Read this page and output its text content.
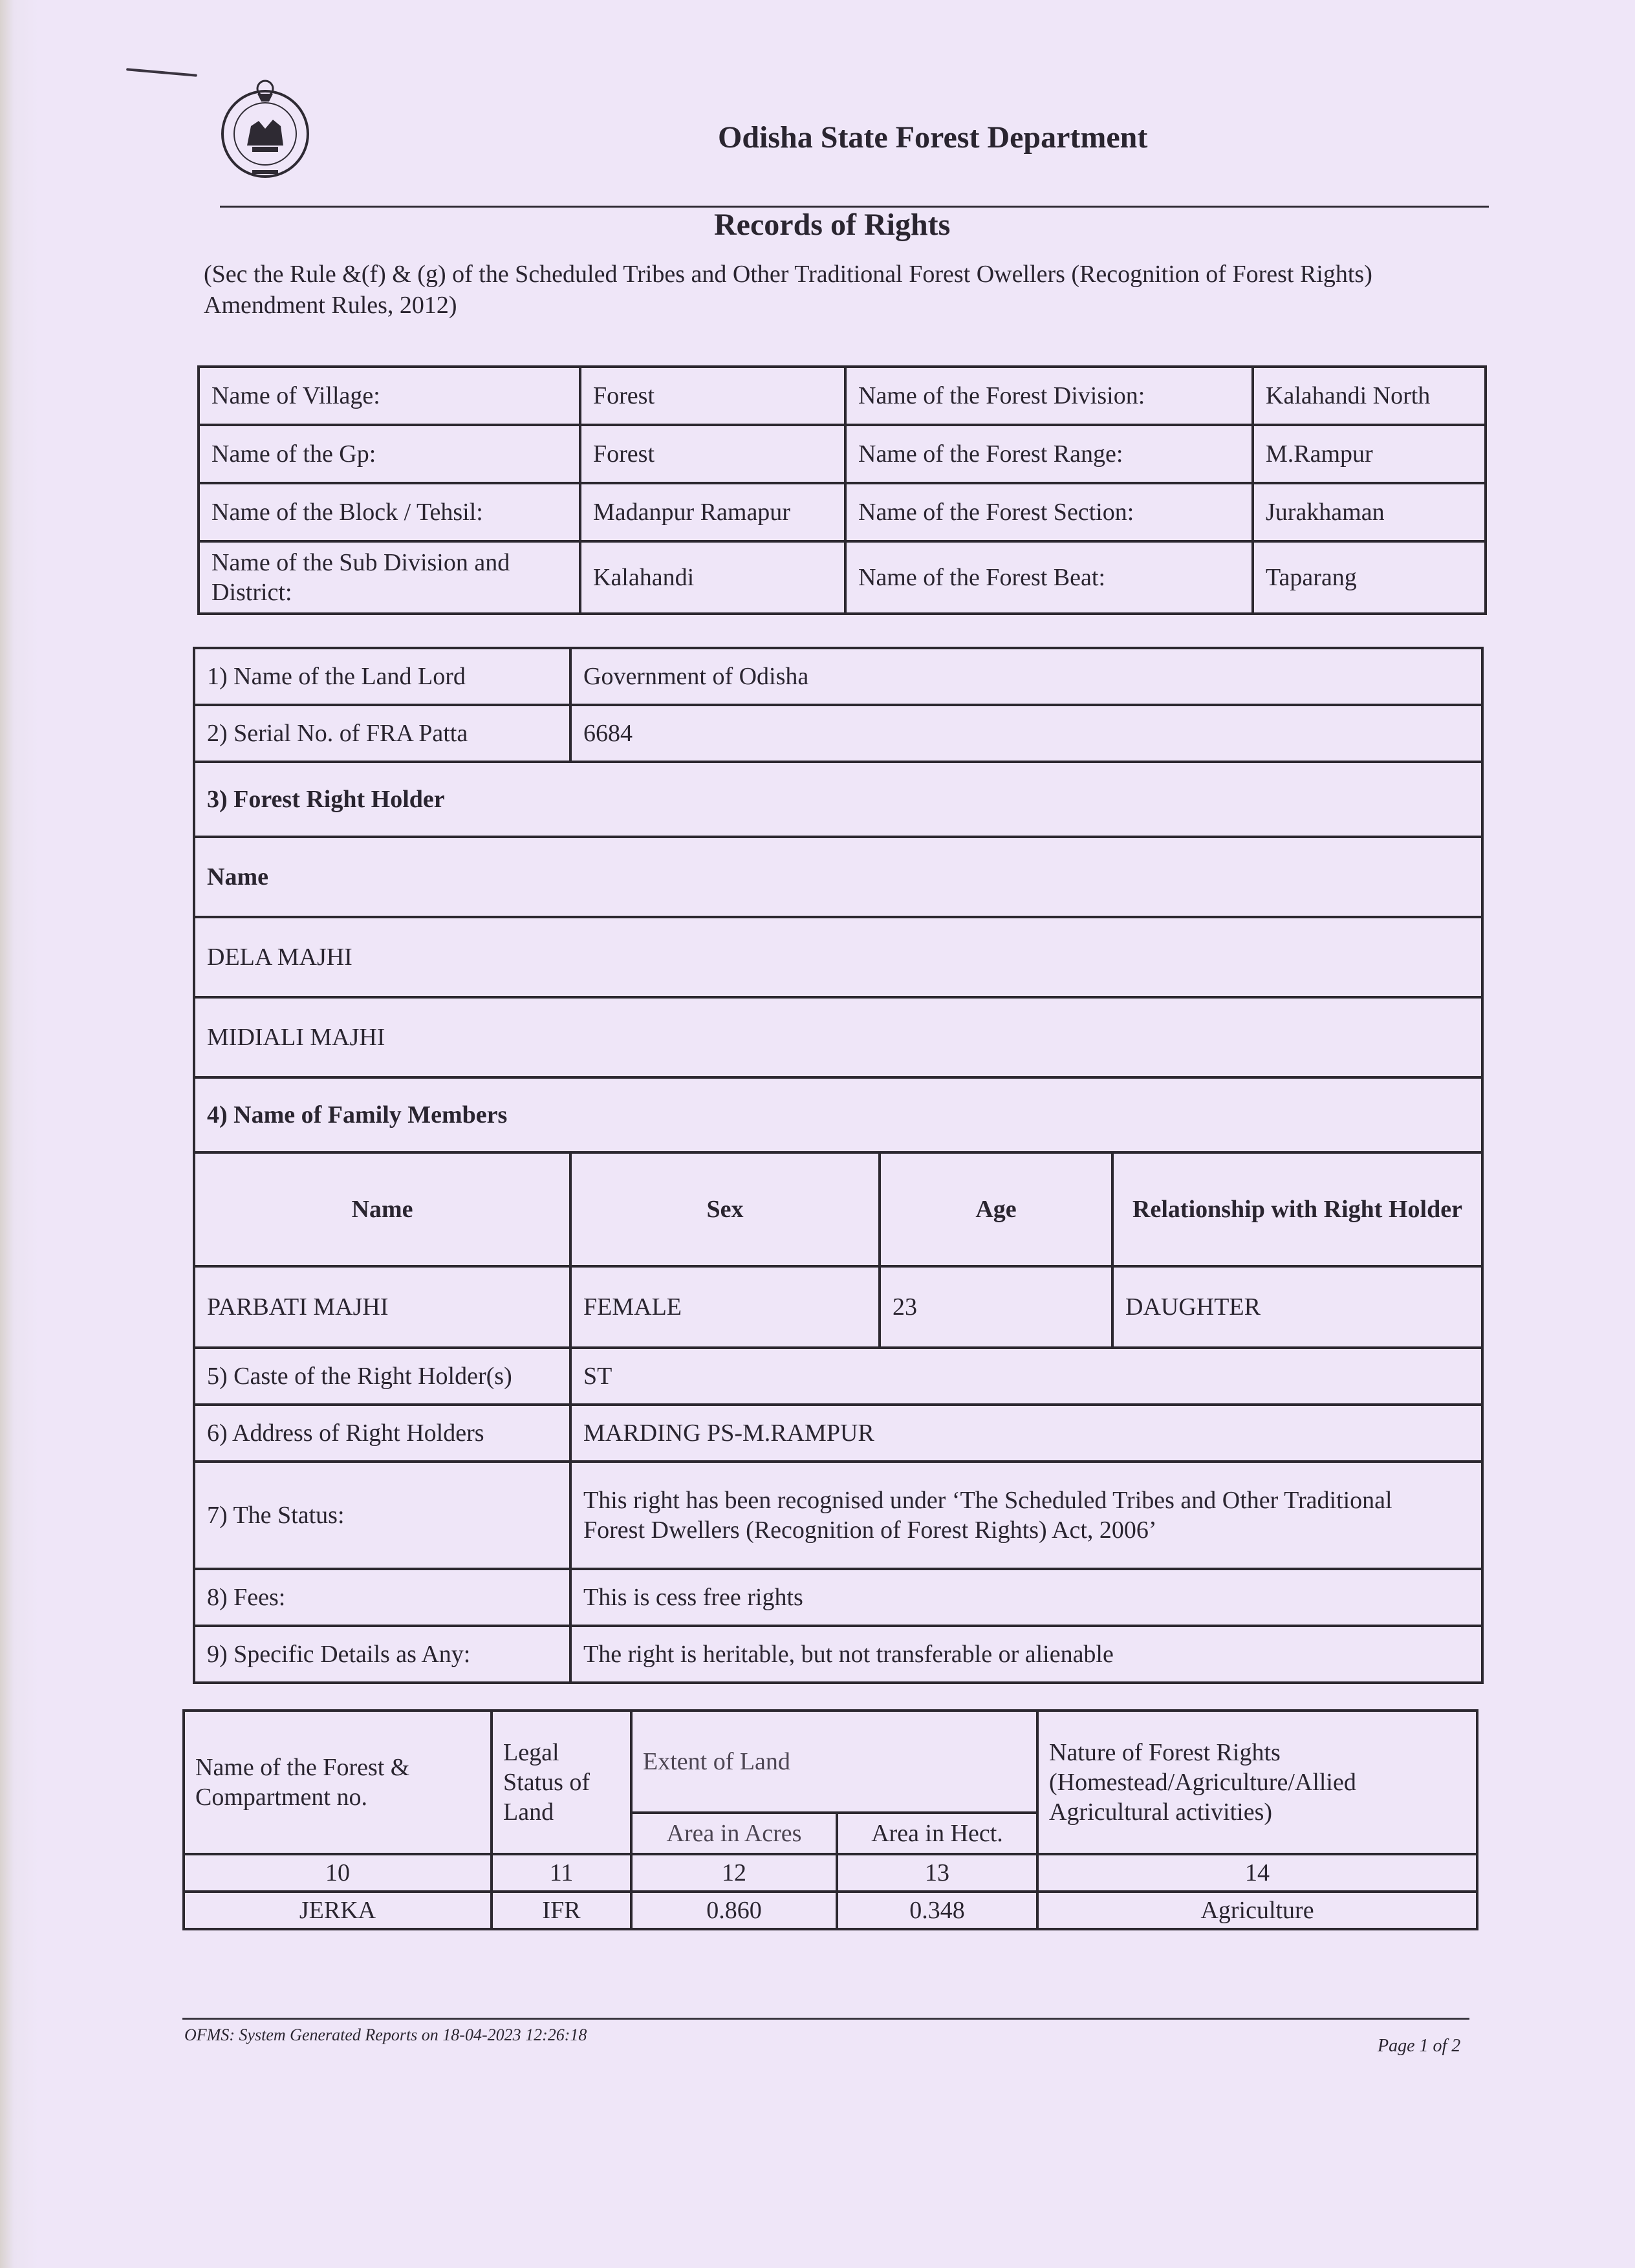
Odisha State Forest Department
Records of Rights
(Sec the Rule &(f) & (g) of the Scheduled Tribes and Other Traditional Forest Owellers (Recognition of Forest Rights) Amendment Rules, 2012)
Name of Village:	Forest	Name of the Forest Division:	Kalahandi North
Name of the Gp:	Forest	Name of the Forest Range:	M.Rampur
Name of the Block / Tehsil:	Madanpur Ramapur	Name of the Forest Section:	Jurakhaman
Name of the Sub Division and District:	Kalahandi	Name of the Forest Beat:	Taparang
1) Name of the Land Lord	Government of Odisha		
2) Serial No. of FRA Patta	6684		
3) Forest Right Holder			
Name			
DELA MAJHI			
MIDIALI MAJHI			
4) Name of Family Members			
Name	Sex	Age	Relationship with Right Holder
PARBATI MAJHI	FEMALE	23	DAUGHTER
5) Caste of the Right Holder(s)	ST		
6) Address of Right Holders	MARDING PS-M.RAMPUR		
7) The Status:	This right has been recognised under ‘The Scheduled Tribes and Other Traditional
Forest Dwellers (Recognition of Forest Rights) Act, 2006’		

8) Fees:	This is cess free rights		
9) Specific Details as Any:	The right is heritable, but not transferable or alienable		
Name of the Forest & Compartment no.	Legal Status of Land	Extent of Land		Nature of Forest Rights (Homestead/Agriculture/Allied Agricultural activities)
		Area in Acres	Area in Hect.	
10	11	12	13	14
JERKA	IFR	0.860	0.348	Agriculture
OFMS: System Generated Reports on 18-04-2023 12:26:18
Page 1 of 2
